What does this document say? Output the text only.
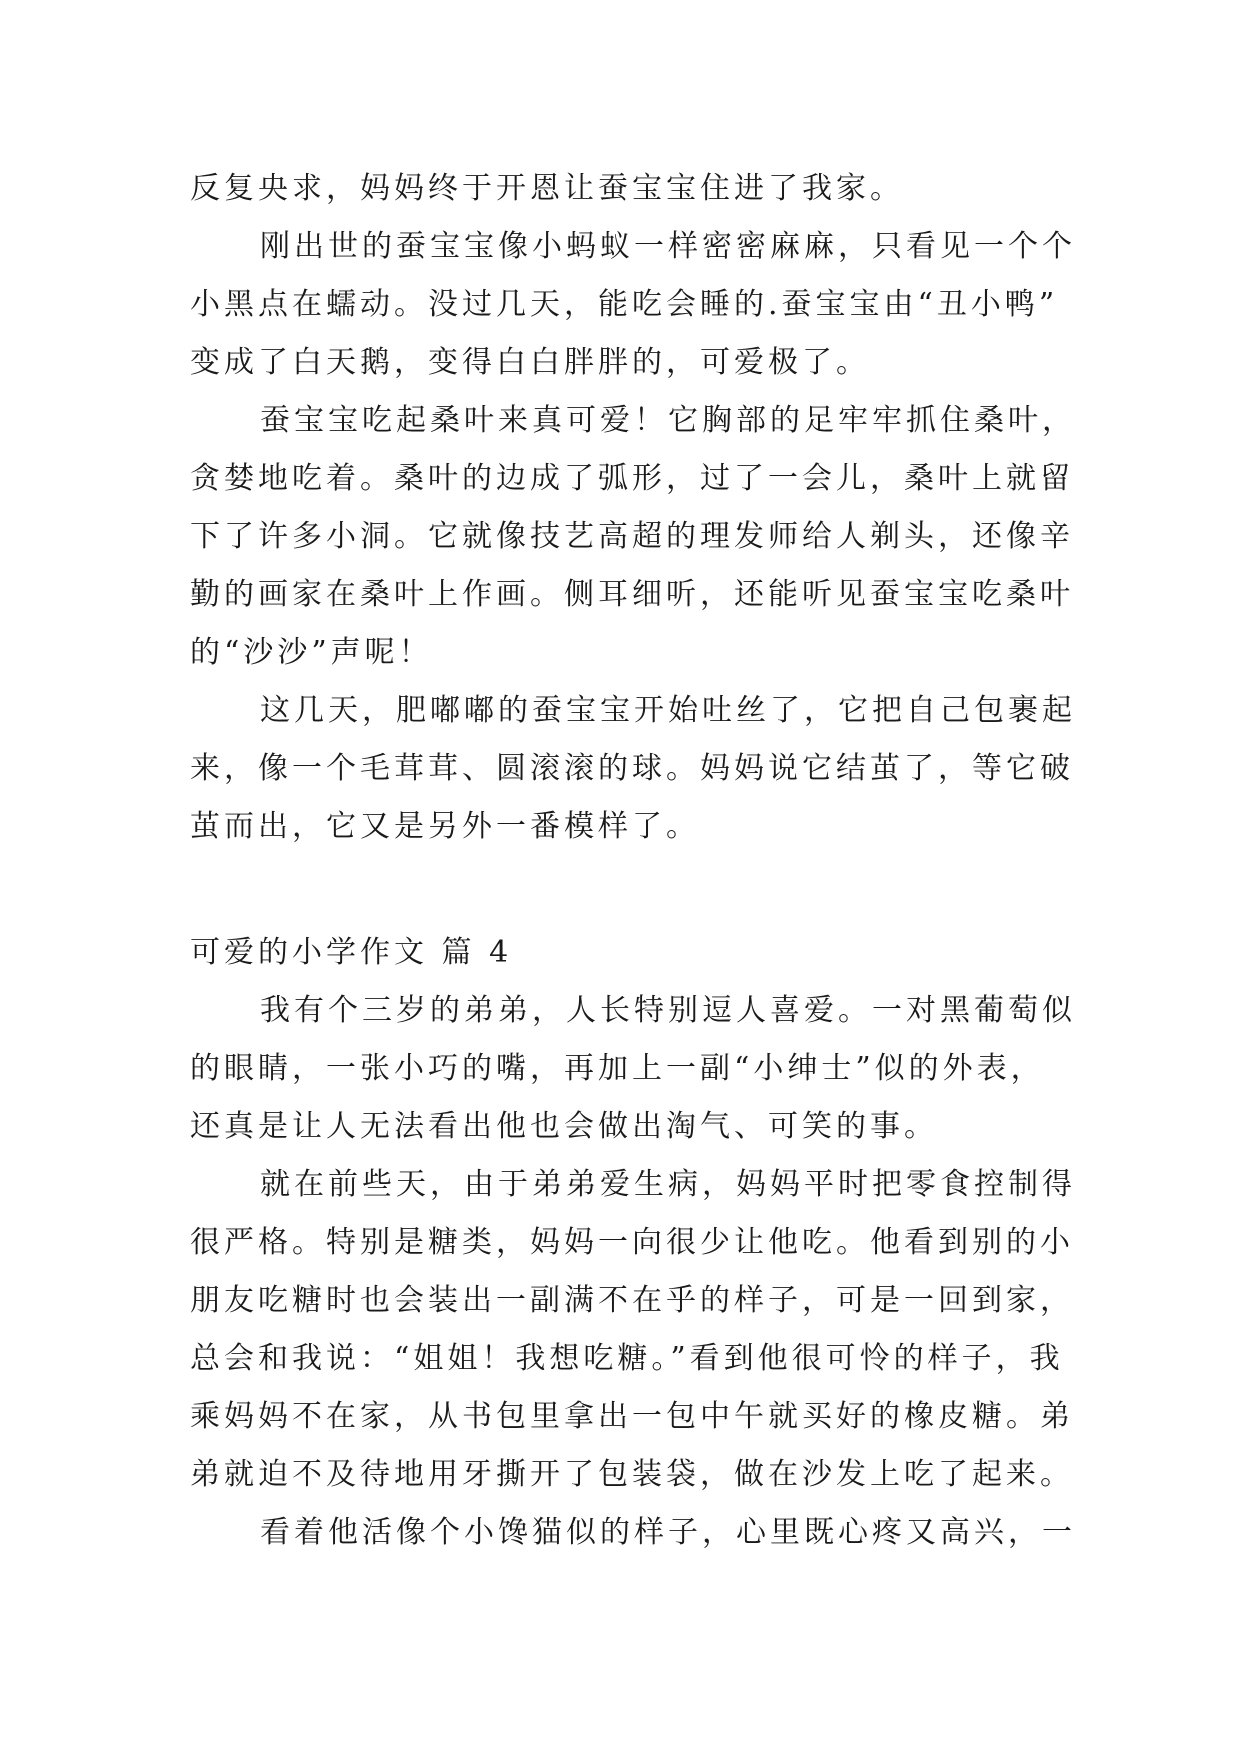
反复央求，妈妈终于开恩让蚕宝宝住进了我家。
刚出世的蚕宝宝像小蚂蚁一样密密麻麻，只看见一个个
小黑点在蠕动。没过几天，能吃会睡的.蚕宝宝由“丑小鸭”
变成了白天鹅，变得白白胖胖的，可爱极了。
蚕宝宝吃起桑叶来真可爱！它胸部的足牢牢抓住桑叶，
贪婪地吃着。桑叶的边成了弧形，过了一会儿，桑叶上就留
下了许多小洞。它就像技艺高超的理发师给人剃头，还像辛
勤的画家在桑叶上作画。侧耳细听，还能听见蚕宝宝吃桑叶
的“沙沙”声呢！
这几天，肥嘟嘟的蚕宝宝开始吐丝了，它把自己包裹起
来，像一个毛茸茸、圆滚滚的球。妈妈说它结茧了，等它破
茧而出，它又是另外一番模样了。
可爱的小学作文 篇 4
我有个三岁的弟弟，人长特别逗人喜爱。一对黑葡萄似
的眼睛，一张小巧的嘴，再加上一副“小绅士”似的外表，
还真是让人无法看出他也会做出淘气、可笑的事。
就在前些天，由于弟弟爱生病，妈妈平时把零食控制得
很严格。特别是糖类，妈妈一向很少让他吃。他看到别的小
朋友吃糖时也会装出一副满不在乎的样子，可是一回到家，
总会和我说：“姐姐！我想吃糖。”看到他很可怜的样子，我
乘妈妈不在家，从书包里拿出一包中午就买好的橡皮糖。弟
弟就迫不及待地用牙撕开了包装袋，做在沙发上吃了起来。
看着他活像个小馋猫似的样子，心里既心疼又高兴，一
